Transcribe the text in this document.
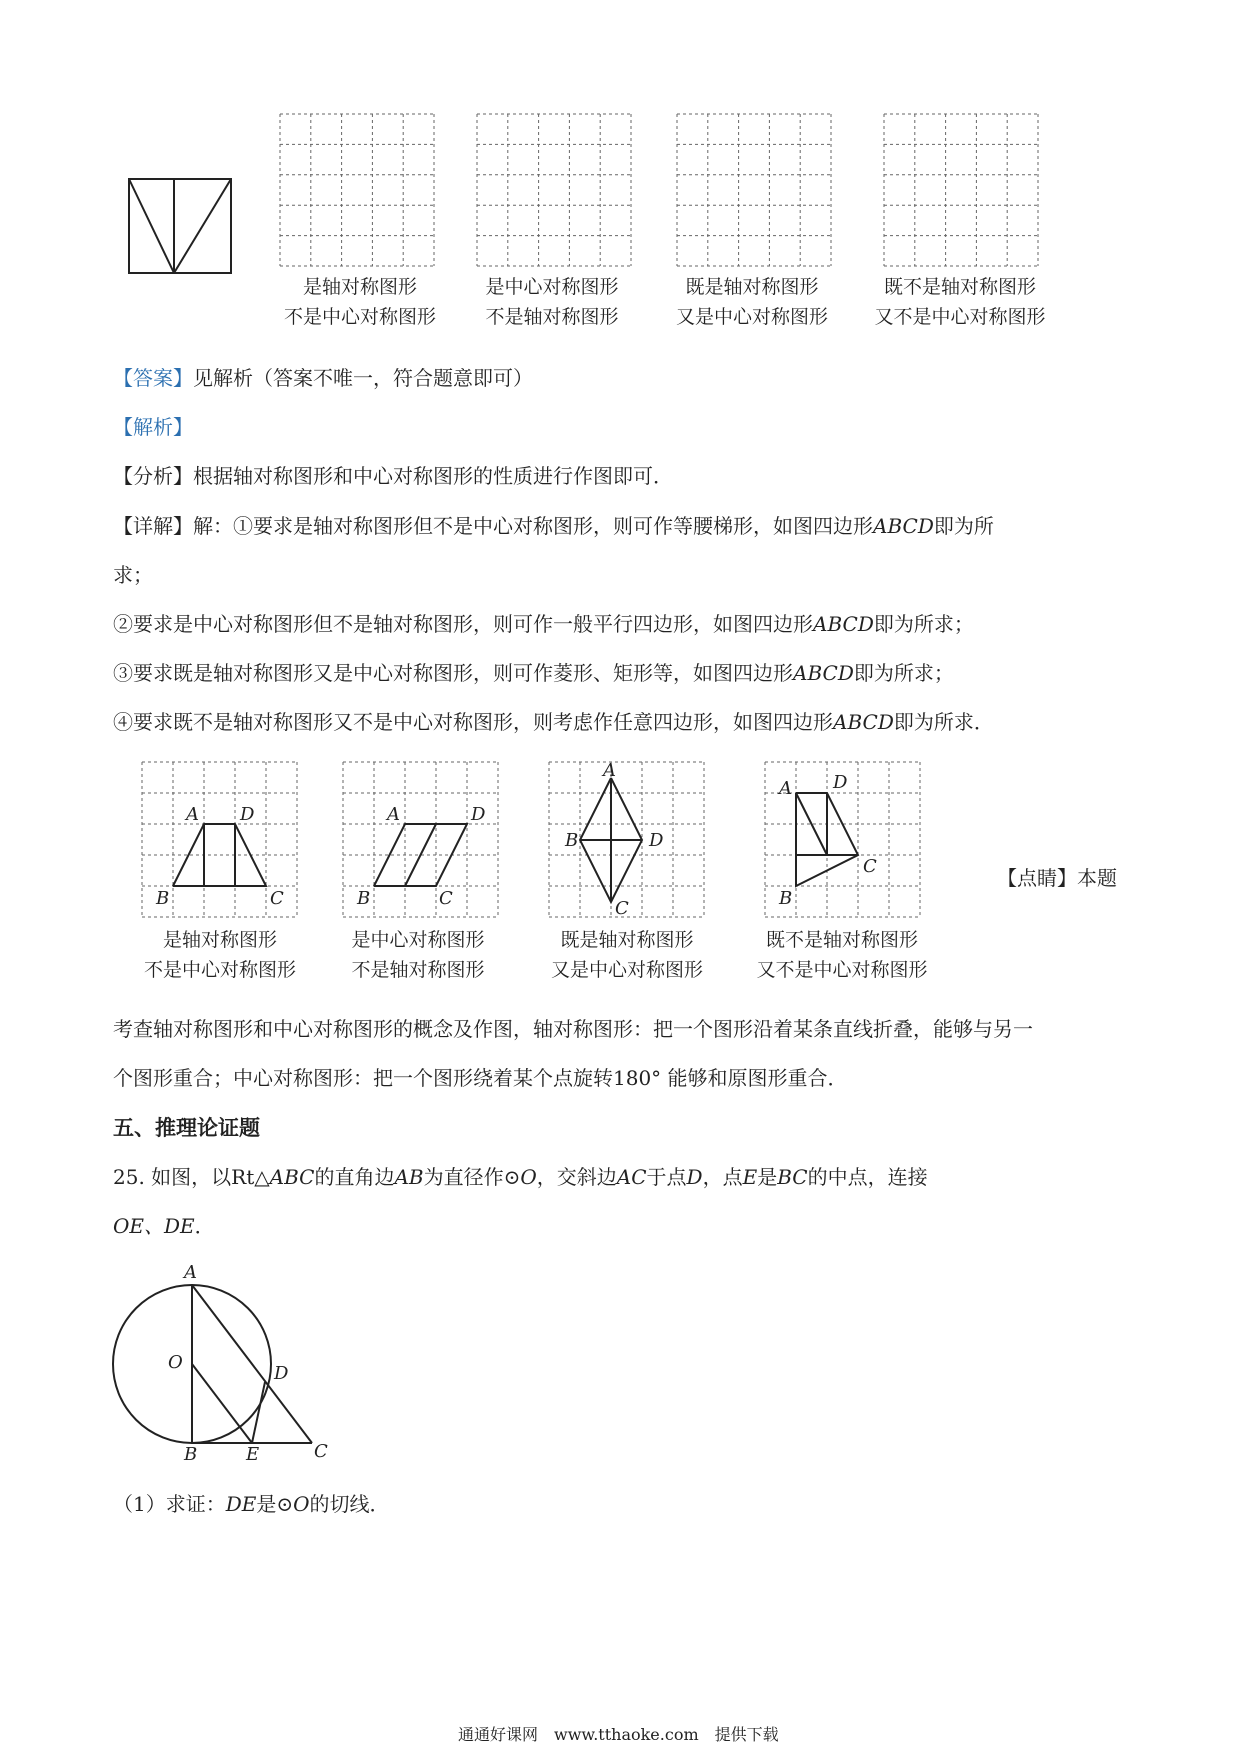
是轴对称图形
不是中心对称图形
是中心对称图形
不是轴对称图形
既是轴对称图形
又是中心对称图形
既不是轴对称图形
又不是中心对称图形
【答案】见解析（答案不唯一，符合题意即可）
【解析】
【分析】根据轴对称图形和中心对称图形的性质进行作图即可．
【详解】解：①要求是轴对称图形但不是中心对称图形，则可作等腰梯形，如图四边形ABCD即为所
求；
②要求是中心对称图形但不是轴对称图形，则可作一般平行四边形，如图四边形ABCD即为所求；
③要求既是轴对称图形又是中心对称图形，则可作菱形、矩形等，如图四边形ABCD即为所求；
④要求既不是轴对称图形又不是中心对称图形，则考虑作任意四边形，如图四边形ABCD即为所求．
A D
B	C
A	D
B	C
A
B	D
C
A D
C
B
【点睛】本题
是轴对称图形
不是中心对称图形
是中心对称图形
不是轴对称图形
既是轴对称图形
又是中心对称图形
既不是轴对称图形
又不是中心对称图形
考查轴对称图形和中心对称图形的概念及作图，轴对称图形：把一个图形沿着某条直线折叠，能够与另一
个图形重合；中心对称图形：把一个图形绕着某个点旋转180° 能够和原图形重合．
五、推理论证题
25. 如图，以Rt△ABC的直角边AB为直径作⊙O，交斜边AC于点D，点E是BC的中点，连接
OE、DE．
A
O
D
B	E	C
（1）求证：DE是⊙O的切线．
通通好课网　www.tthaoke.com　提供下载
